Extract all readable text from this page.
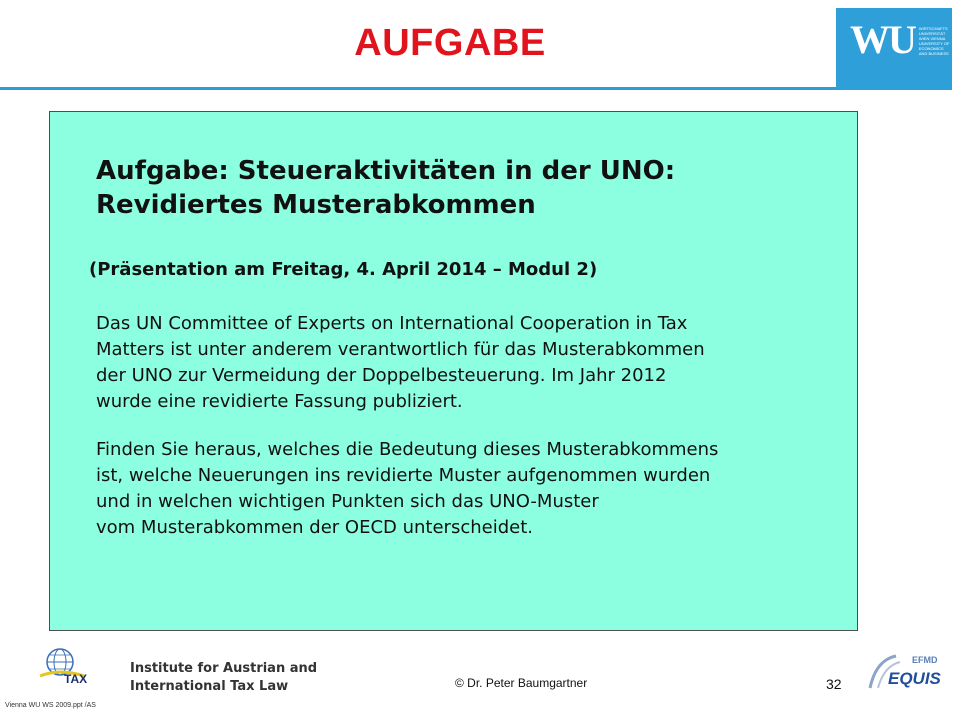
AUFGABE	WU WIRTSCHAFTS
UNIVERSITÄT
WIEN VIENNA
UNIVERSITY OF
ECONOMICS
AND BUSINESS
Aufgabe: Steueraktivitäten in der UNO:
Revidiertes Musterabkommen
(Präsentation am Freitag, 4. April 2014 – Modul 2)
Das UN Committee of Experts on International Cooperation in Tax
Matters ist unter anderem verantwortlich für das Musterabkommen
der UNO zur Vermeidung der Doppelbesteuerung. Im Jahr 2012
wurde eine revidierte Fassung publiziert.
Finden Sie heraus, welches die Bedeutung dieses Musterabkommens
ist, welche Neuerungen ins revidierte Muster aufgenommen wurden
und in welchen wichtigen Punkten sich das UNO-Muster
vom Musterabkommen der OECD unterscheidet.
TAX
Institute for Austrian and
International Tax Law	© Dr. Peter Baumgartner	32
EFMD
EQUIS
Vienna WU WS 2009.ppt /AS
